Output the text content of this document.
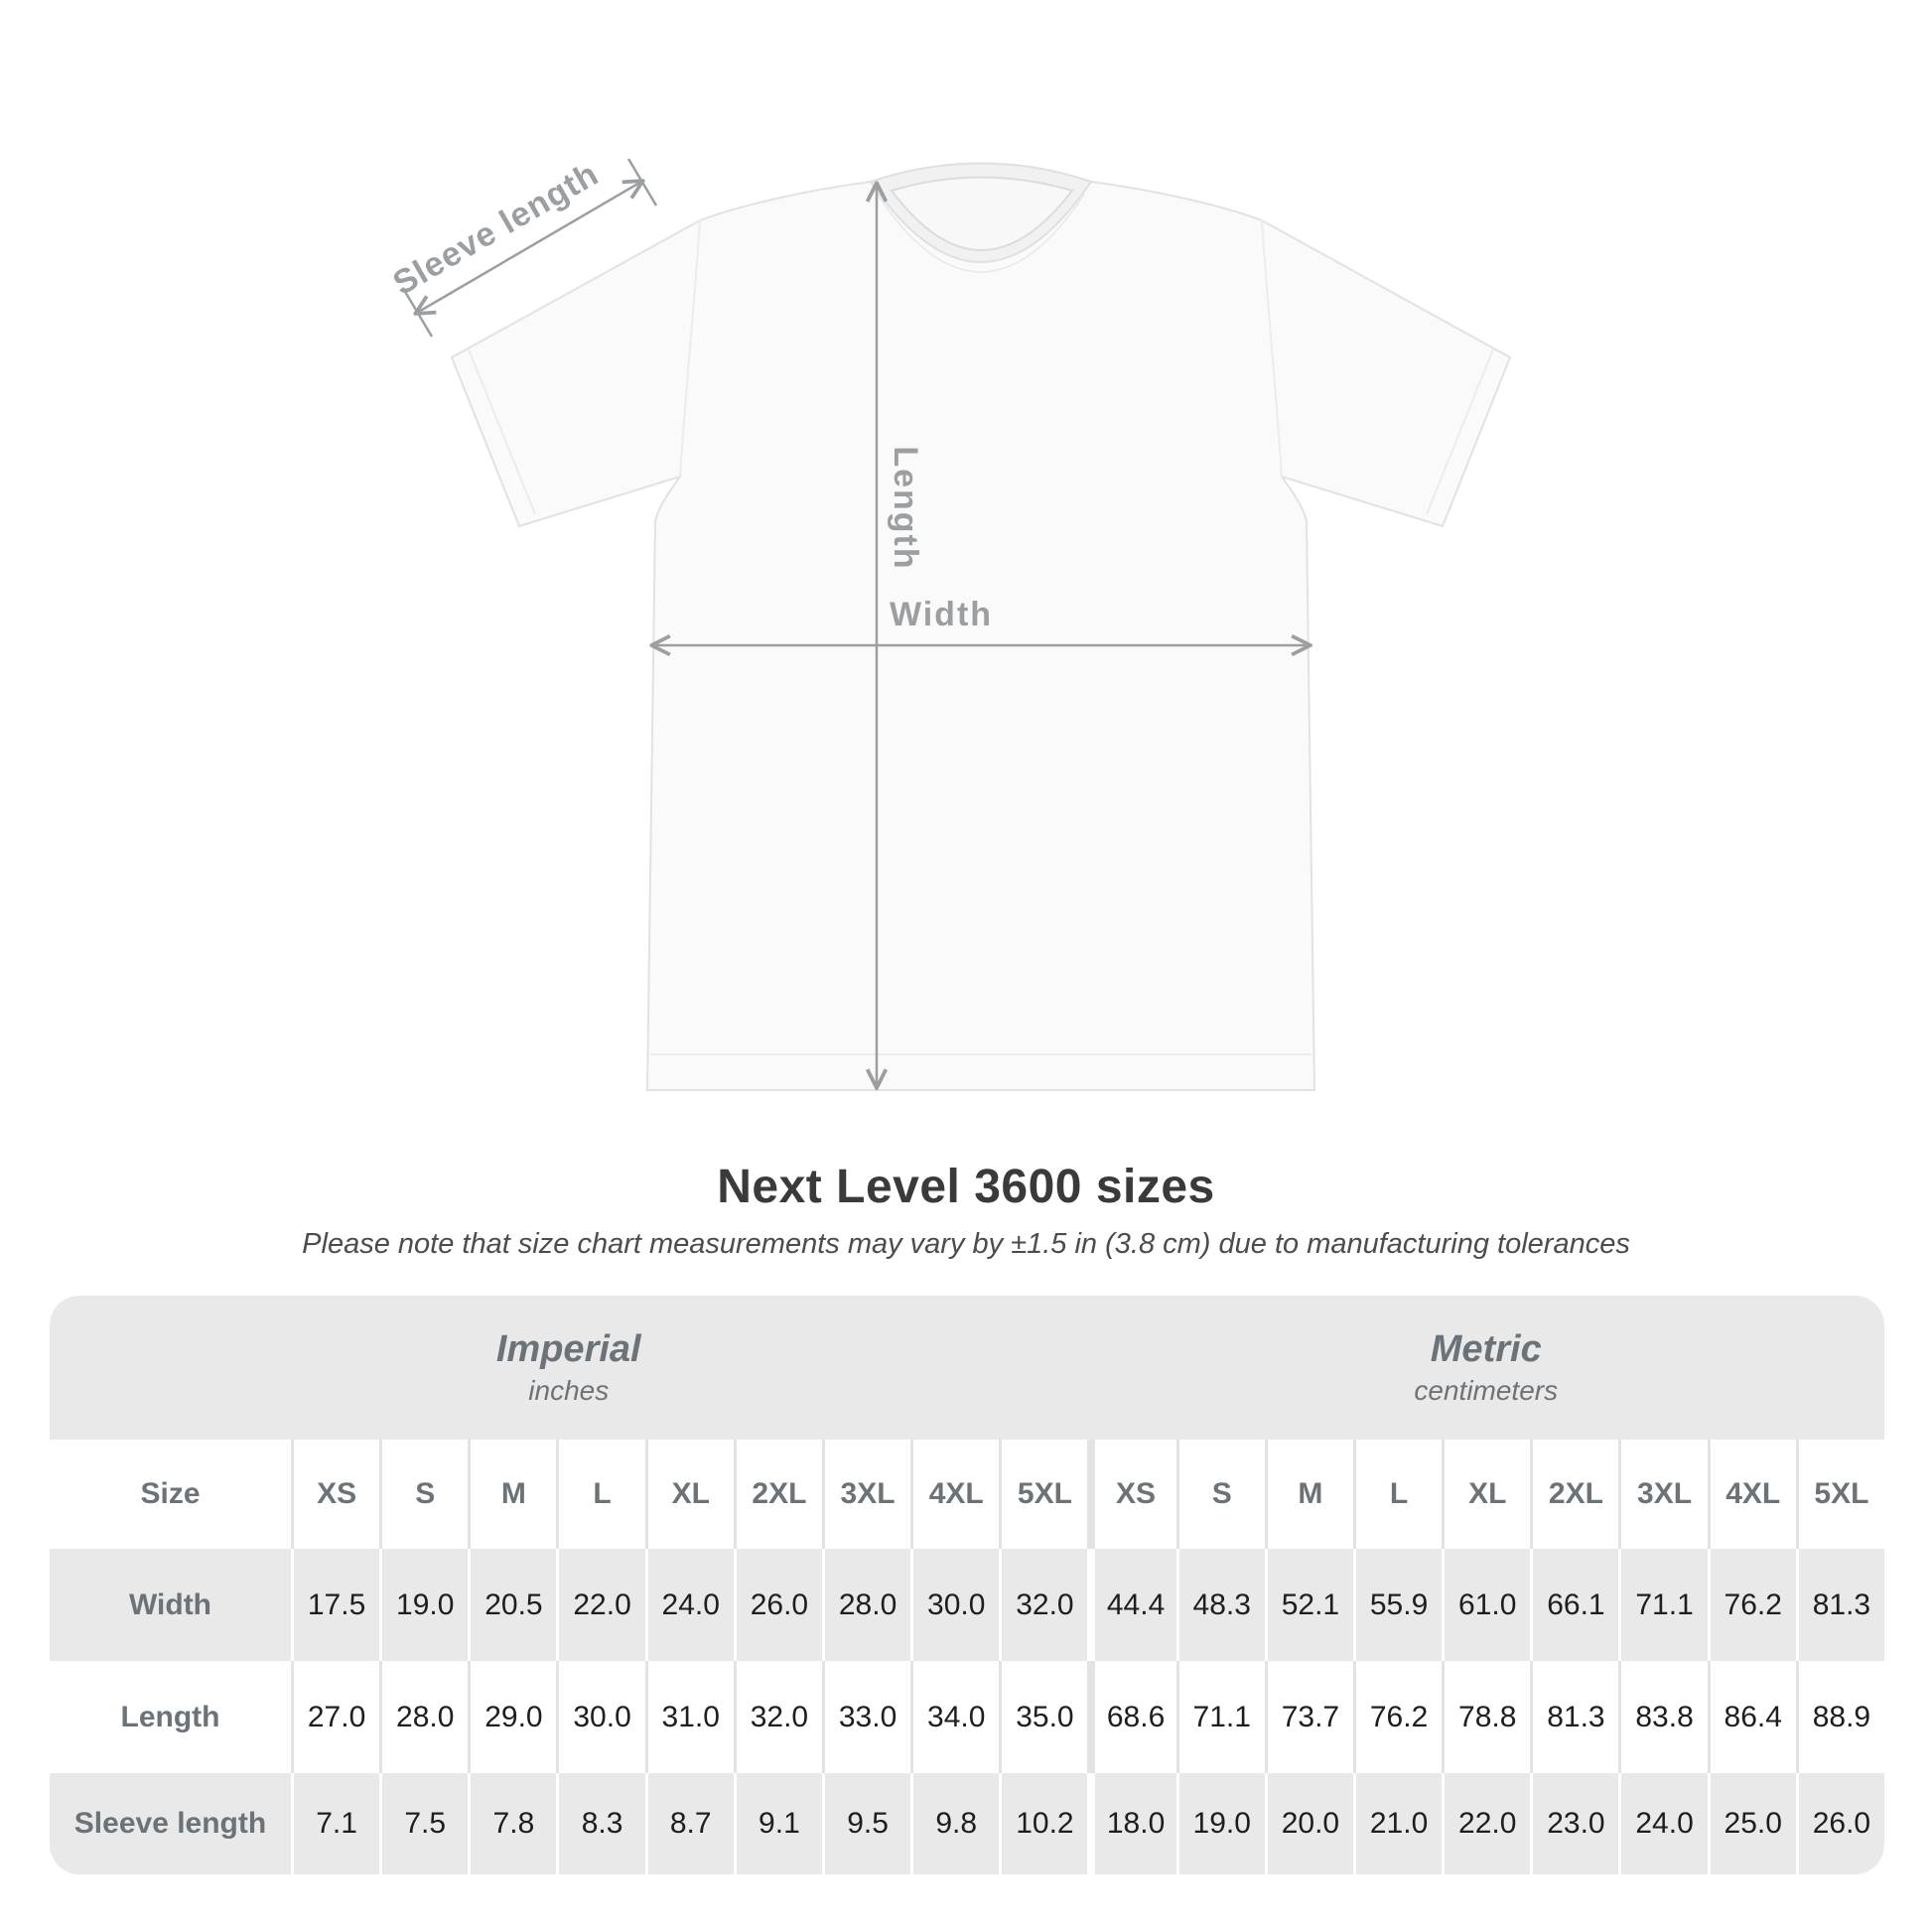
Length
Width
Sleeve length
Next Level 3600 sizes
Please note that size chart measurements may vary by ±1.5 in (3.8 cm) due to manufacturing tolerances
Imperial
inches
Metric
centimeters
Size	XS	S	M	L	XL	2XL	3XL	4XL	5XL	XS	S	M	L	XL	2XL	3XL	4XL	5XL
Width	17.5	19.0	20.5	22.0	24.0	26.0	28.0	30.0	32.0	44.4 48.3	52.1	55.9	61.0	66.1	71.1	76.2	81.3
Length	27.0	28.0	29.0	30.0	31.0	32.0	33.0	34.0	35.0	68.6 71.1	73.7	76.2	78.8	81.3	83.8	86.4	88.9
Sleeve length	7.1	7.5	7.8	8.3	8.7	9.1	9.5	9.8	10.2	18.0 19.0	20.0	21.0	22.0	23.0	24.0	25.0	26.0
